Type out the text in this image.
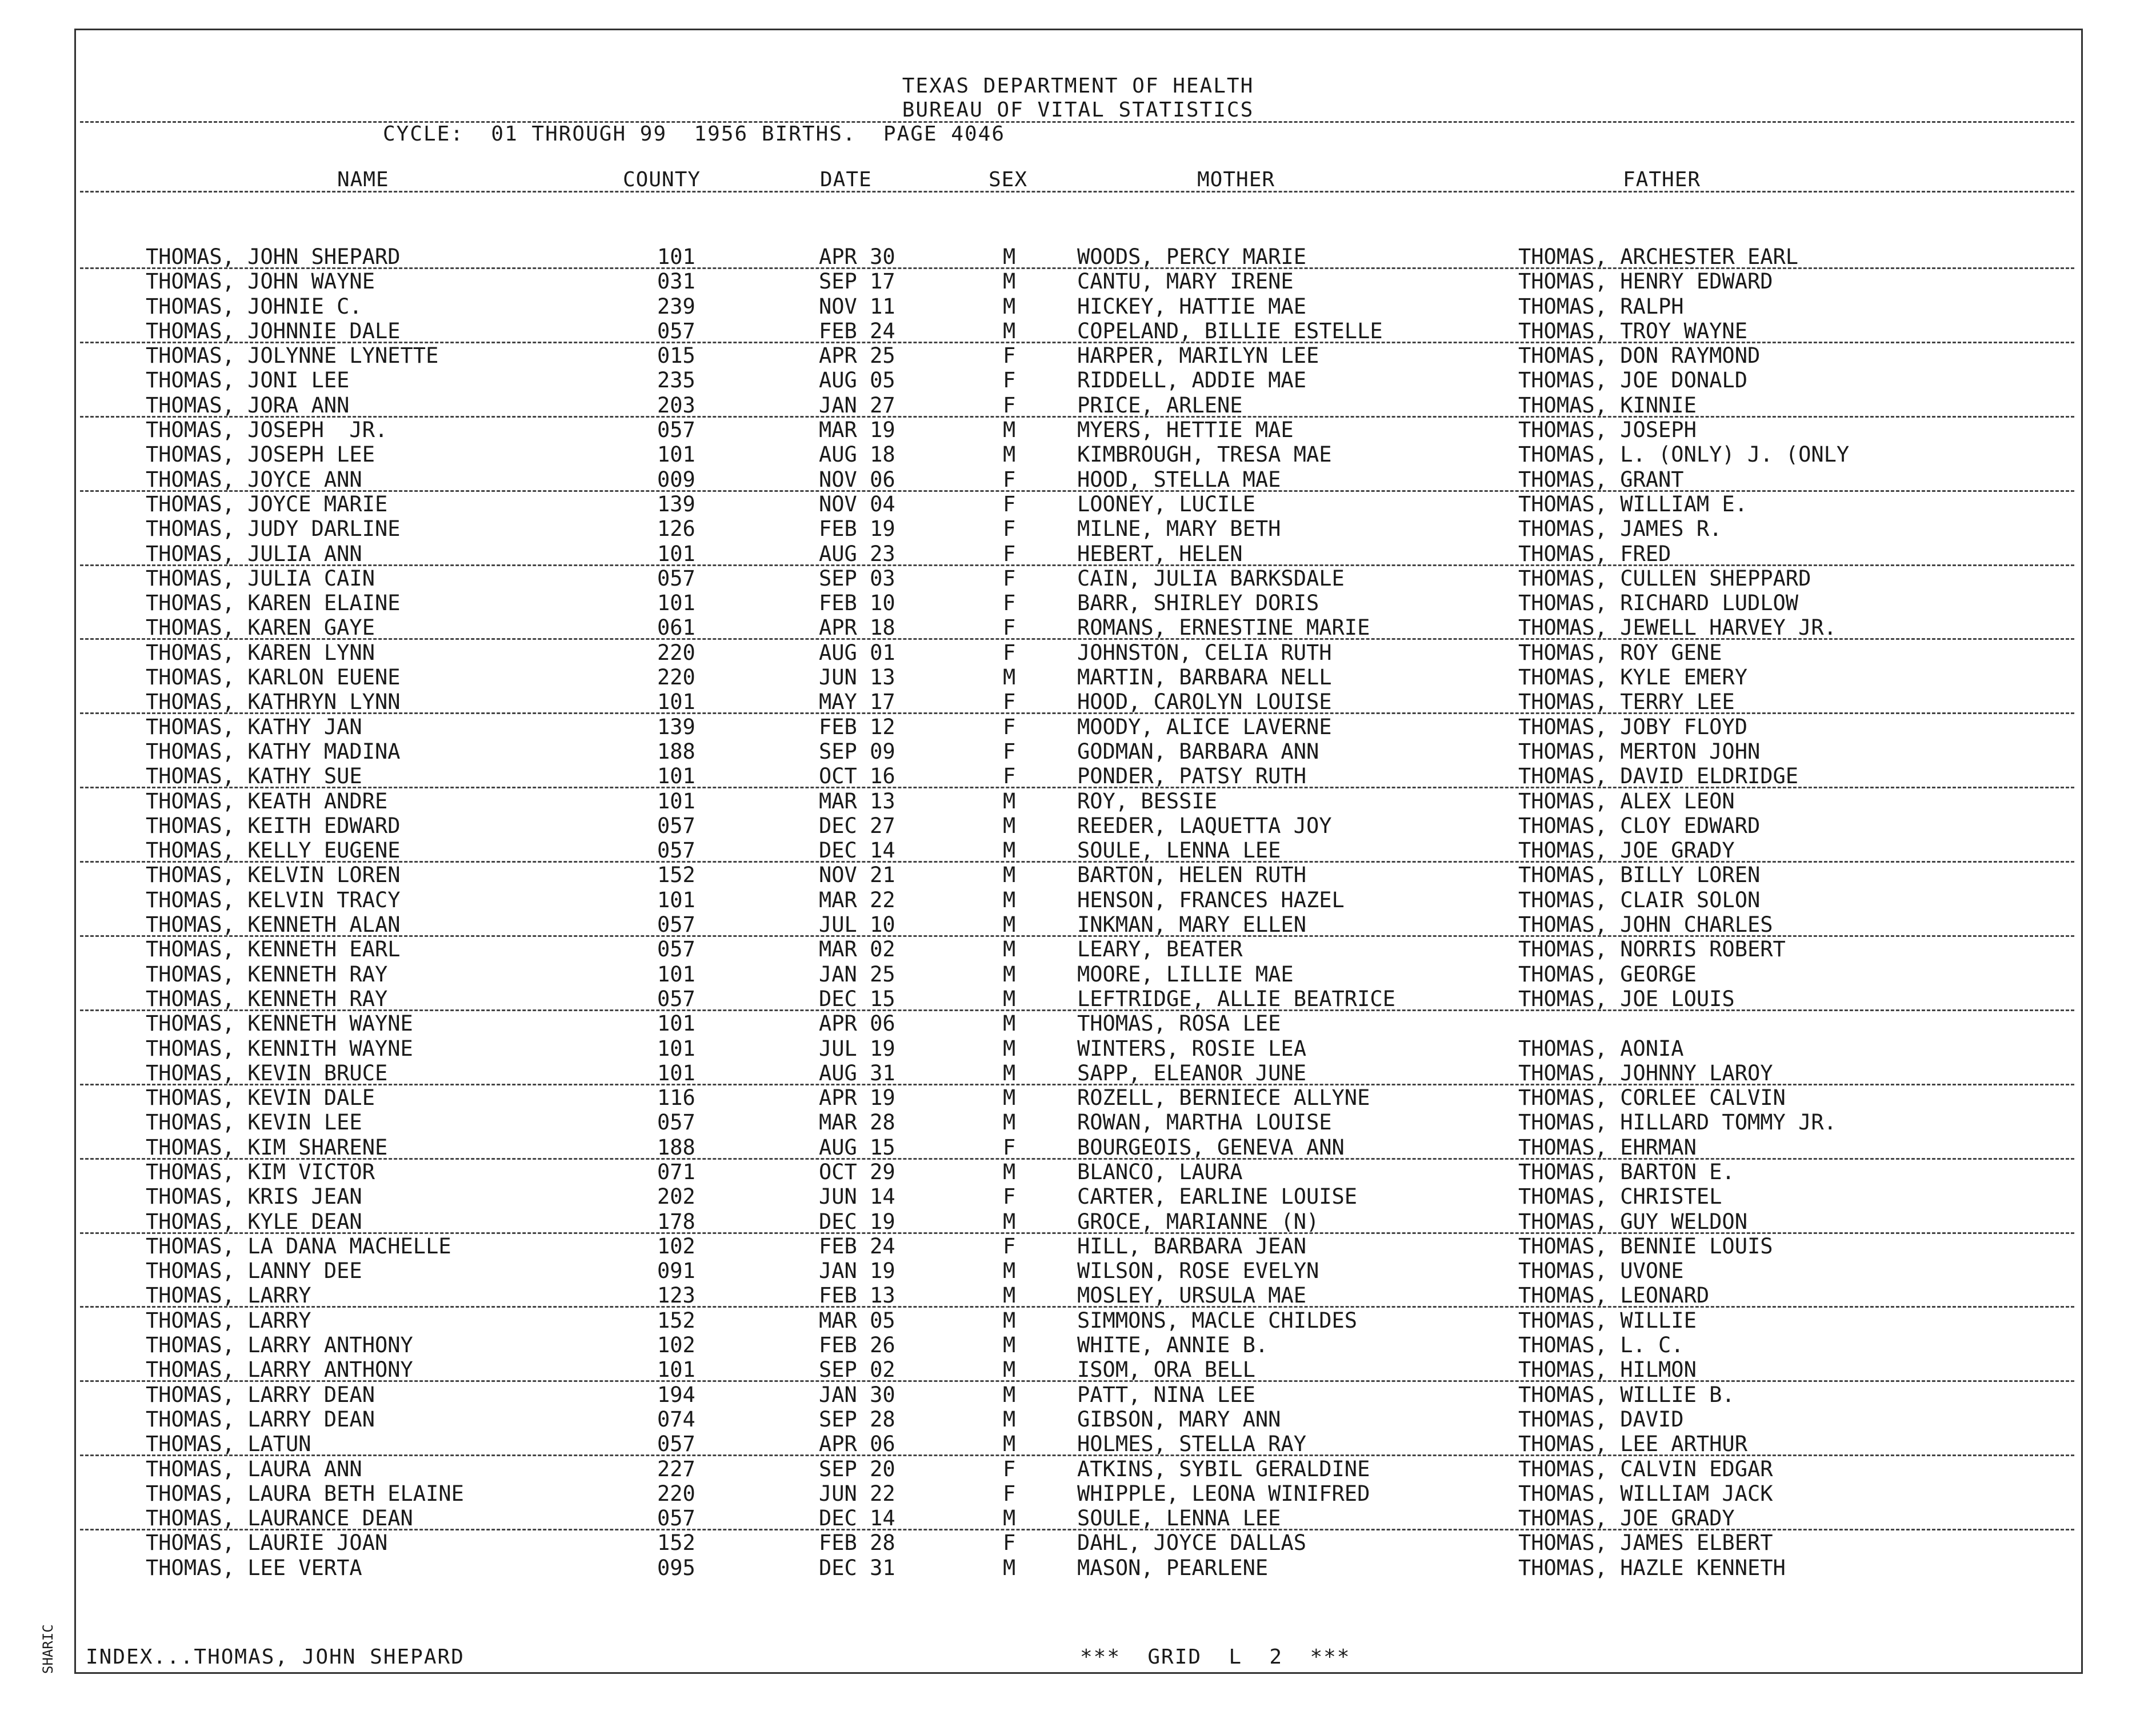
TEXAS DEPARTMENT OF HEALTH
BUREAU OF VITAL STATISTICS
CYCLE:  01 THROUGH 99  1956 BIRTHS.  PAGE 4046
NAME	COUNTY	DATE	SEX	MOTHER	FATHER
THOMAS, JOHN SHEPARD	101	APR 30	M	WOODS, PERCY MARIE	THOMAS, ARCHESTER EARL
THOMAS, JOHN WAYNE	031	SEP 17	M	CANTU, MARY IRENE	THOMAS, HENRY EDWARD
THOMAS, JOHNIE C.	239	NOV 11	M	HICKEY, HATTIE MAE	THOMAS, RALPH
THOMAS, JOHNNIE DALE	057	FEB 24	M	COPELAND, BILLIE ESTELLE	THOMAS, TROY WAYNE
THOMAS, JOLYNNE LYNETTE	015	APR 25	F	HARPER, MARILYN LEE	THOMAS, DON RAYMOND
THOMAS, JONI LEE	235	AUG 05	F	RIDDELL, ADDIE MAE	THOMAS, JOE DONALD
THOMAS, JORA ANN	203	JAN 27	F	PRICE, ARLENE	THOMAS, KINNIE
THOMAS, JOSEPH  JR.	057	MAR 19	M	MYERS, HETTIE MAE	THOMAS, JOSEPH
THOMAS, JOSEPH LEE	101	AUG 18	M	KIMBROUGH, TRESA MAE	THOMAS, L. (ONLY) J. (ONLY
THOMAS, JOYCE ANN	009	NOV 06	F	HOOD, STELLA MAE	THOMAS, GRANT
THOMAS, JOYCE MARIE	139	NOV 04	F	LOONEY, LUCILE	THOMAS, WILLIAM E.
THOMAS, JUDY DARLINE	126	FEB 19	F	MILNE, MARY BETH	THOMAS, JAMES R.
THOMAS, JULIA ANN	101	AUG 23	F	HEBERT, HELEN	THOMAS, FRED
THOMAS, JULIA CAIN	057	SEP 03	F	CAIN, JULIA BARKSDALE	THOMAS, CULLEN SHEPPARD
THOMAS, KAREN ELAINE	101	FEB 10	F	BARR, SHIRLEY DORIS	THOMAS, RICHARD LUDLOW
THOMAS, KAREN GAYE	061	APR 18	F	ROMANS, ERNESTINE MARIE	THOMAS, JEWELL HARVEY JR.
THOMAS, KAREN LYNN	220	AUG 01	F	JOHNSTON, CELIA RUTH	THOMAS, ROY GENE
THOMAS, KARLON EUENE	220	JUN 13	M	MARTIN, BARBARA NELL	THOMAS, KYLE EMERY
THOMAS, KATHRYN LYNN	101	MAY 17	F	HOOD, CAROLYN LOUISE	THOMAS, TERRY LEE
THOMAS, KATHY JAN	139	FEB 12	F	MOODY, ALICE LAVERNE	THOMAS, JOBY FLOYD
THOMAS, KATHY MADINA	188	SEP 09	F	GODMAN, BARBARA ANN	THOMAS, MERTON JOHN
THOMAS, KATHY SUE	101	OCT 16	F	PONDER, PATSY RUTH	THOMAS, DAVID ELDRIDGE
THOMAS, KEATH ANDRE	101	MAR 13	M	ROY, BESSIE	THOMAS, ALEX LEON
THOMAS, KEITH EDWARD	057	DEC 27	M	REEDER, LAQUETTA JOY	THOMAS, CLOY EDWARD
THOMAS, KELLY EUGENE	057	DEC 14	M	SOULE, LENNA LEE	THOMAS, JOE GRADY
THOMAS, KELVIN LOREN	152	NOV 21	M	BARTON, HELEN RUTH	THOMAS, BILLY LOREN
THOMAS, KELVIN TRACY	101	MAR 22	M	HENSON, FRANCES HAZEL	THOMAS, CLAIR SOLON
THOMAS, KENNETH ALAN	057	JUL 10	M	INKMAN, MARY ELLEN	THOMAS, JOHN CHARLES
THOMAS, KENNETH EARL	057	MAR 02	M	LEARY, BEATER	THOMAS, NORRIS ROBERT
THOMAS, KENNETH RAY	101	JAN 25	M	MOORE, LILLIE MAE	THOMAS, GEORGE
THOMAS, KENNETH RAY	057	DEC 15	M	LEFTRIDGE, ALLIE BEATRICE	THOMAS, JOE LOUIS
THOMAS, KENNETH WAYNE	101	APR 06	M	THOMAS, ROSA LEE
THOMAS, KENNITH WAYNE	101	JUL 19	M	WINTERS, ROSIE LEA	THOMAS, AONIA
THOMAS, KEVIN BRUCE	101	AUG 31	M	SAPP, ELEANOR JUNE	THOMAS, JOHNNY LAROY
THOMAS, KEVIN DALE	116	APR 19	M	ROZELL, BERNIECE ALLYNE	THOMAS, CORLEE CALVIN
THOMAS, KEVIN LEE	057	MAR 28	M	ROWAN, MARTHA LOUISE	THOMAS, HILLARD TOMMY JR.
THOMAS, KIM SHARENE	188	AUG 15	F	BOURGEOIS, GENEVA ANN	THOMAS, EHRMAN
THOMAS, KIM VICTOR	071	OCT 29	M	BLANCO, LAURA	THOMAS, BARTON E.
THOMAS, KRIS JEAN	202	JUN 14	F	CARTER, EARLINE LOUISE	THOMAS, CHRISTEL
THOMAS, KYLE DEAN	178	DEC 19	M	GROCE, MARIANNE (N)	THOMAS, GUY WELDON
THOMAS, LA DANA MACHELLE	102	FEB 24	F	HILL, BARBARA JEAN	THOMAS, BENNIE LOUIS
THOMAS, LANNY DEE	091	JAN 19	M	WILSON, ROSE EVELYN	THOMAS, UVONE
THOMAS, LARRY	123	FEB 13	M	MOSLEY, URSULA MAE	THOMAS, LEONARD
THOMAS, LARRY	152	MAR 05	M	SIMMONS, MACLE CHILDES	THOMAS, WILLIE
THOMAS, LARRY ANTHONY	102	FEB 26	M	WHITE, ANNIE B.	THOMAS, L. C.
THOMAS, LARRY ANTHONY	101	SEP 02	M	ISOM, ORA BELL	THOMAS, HILMON
THOMAS, LARRY DEAN	194	JAN 30	M	PATT, NINA LEE	THOMAS, WILLIE B.
THOMAS, LARRY DEAN	074	SEP 28	M	GIBSON, MARY ANN	THOMAS, DAVID
THOMAS, LATUN	057	APR 06	M	HOLMES, STELLA RAY	THOMAS, LEE ARTHUR
THOMAS, LAURA ANN	227	SEP 20	F	ATKINS, SYBIL GERALDINE	THOMAS, CALVIN EDGAR
THOMAS, LAURA BETH ELAINE	220	JUN 22	F	WHIPPLE, LEONA WINIFRED	THOMAS, WILLIAM JACK
THOMAS, LAURANCE DEAN	057	DEC 14	M	SOULE, LENNA LEE	THOMAS, JOE GRADY
THOMAS, LAURIE JOAN	152	FEB 28	F	DAHL, JOYCE DALLAS	THOMAS, JAMES ELBERT
THOMAS, LEE VERTA	095	DEC 31	M	MASON, PEARLENE	THOMAS, HAZLE KENNETH
INDEX...THOMAS, JOHN SHEPARD	***  GRID  L  2  ***
SHARIC
